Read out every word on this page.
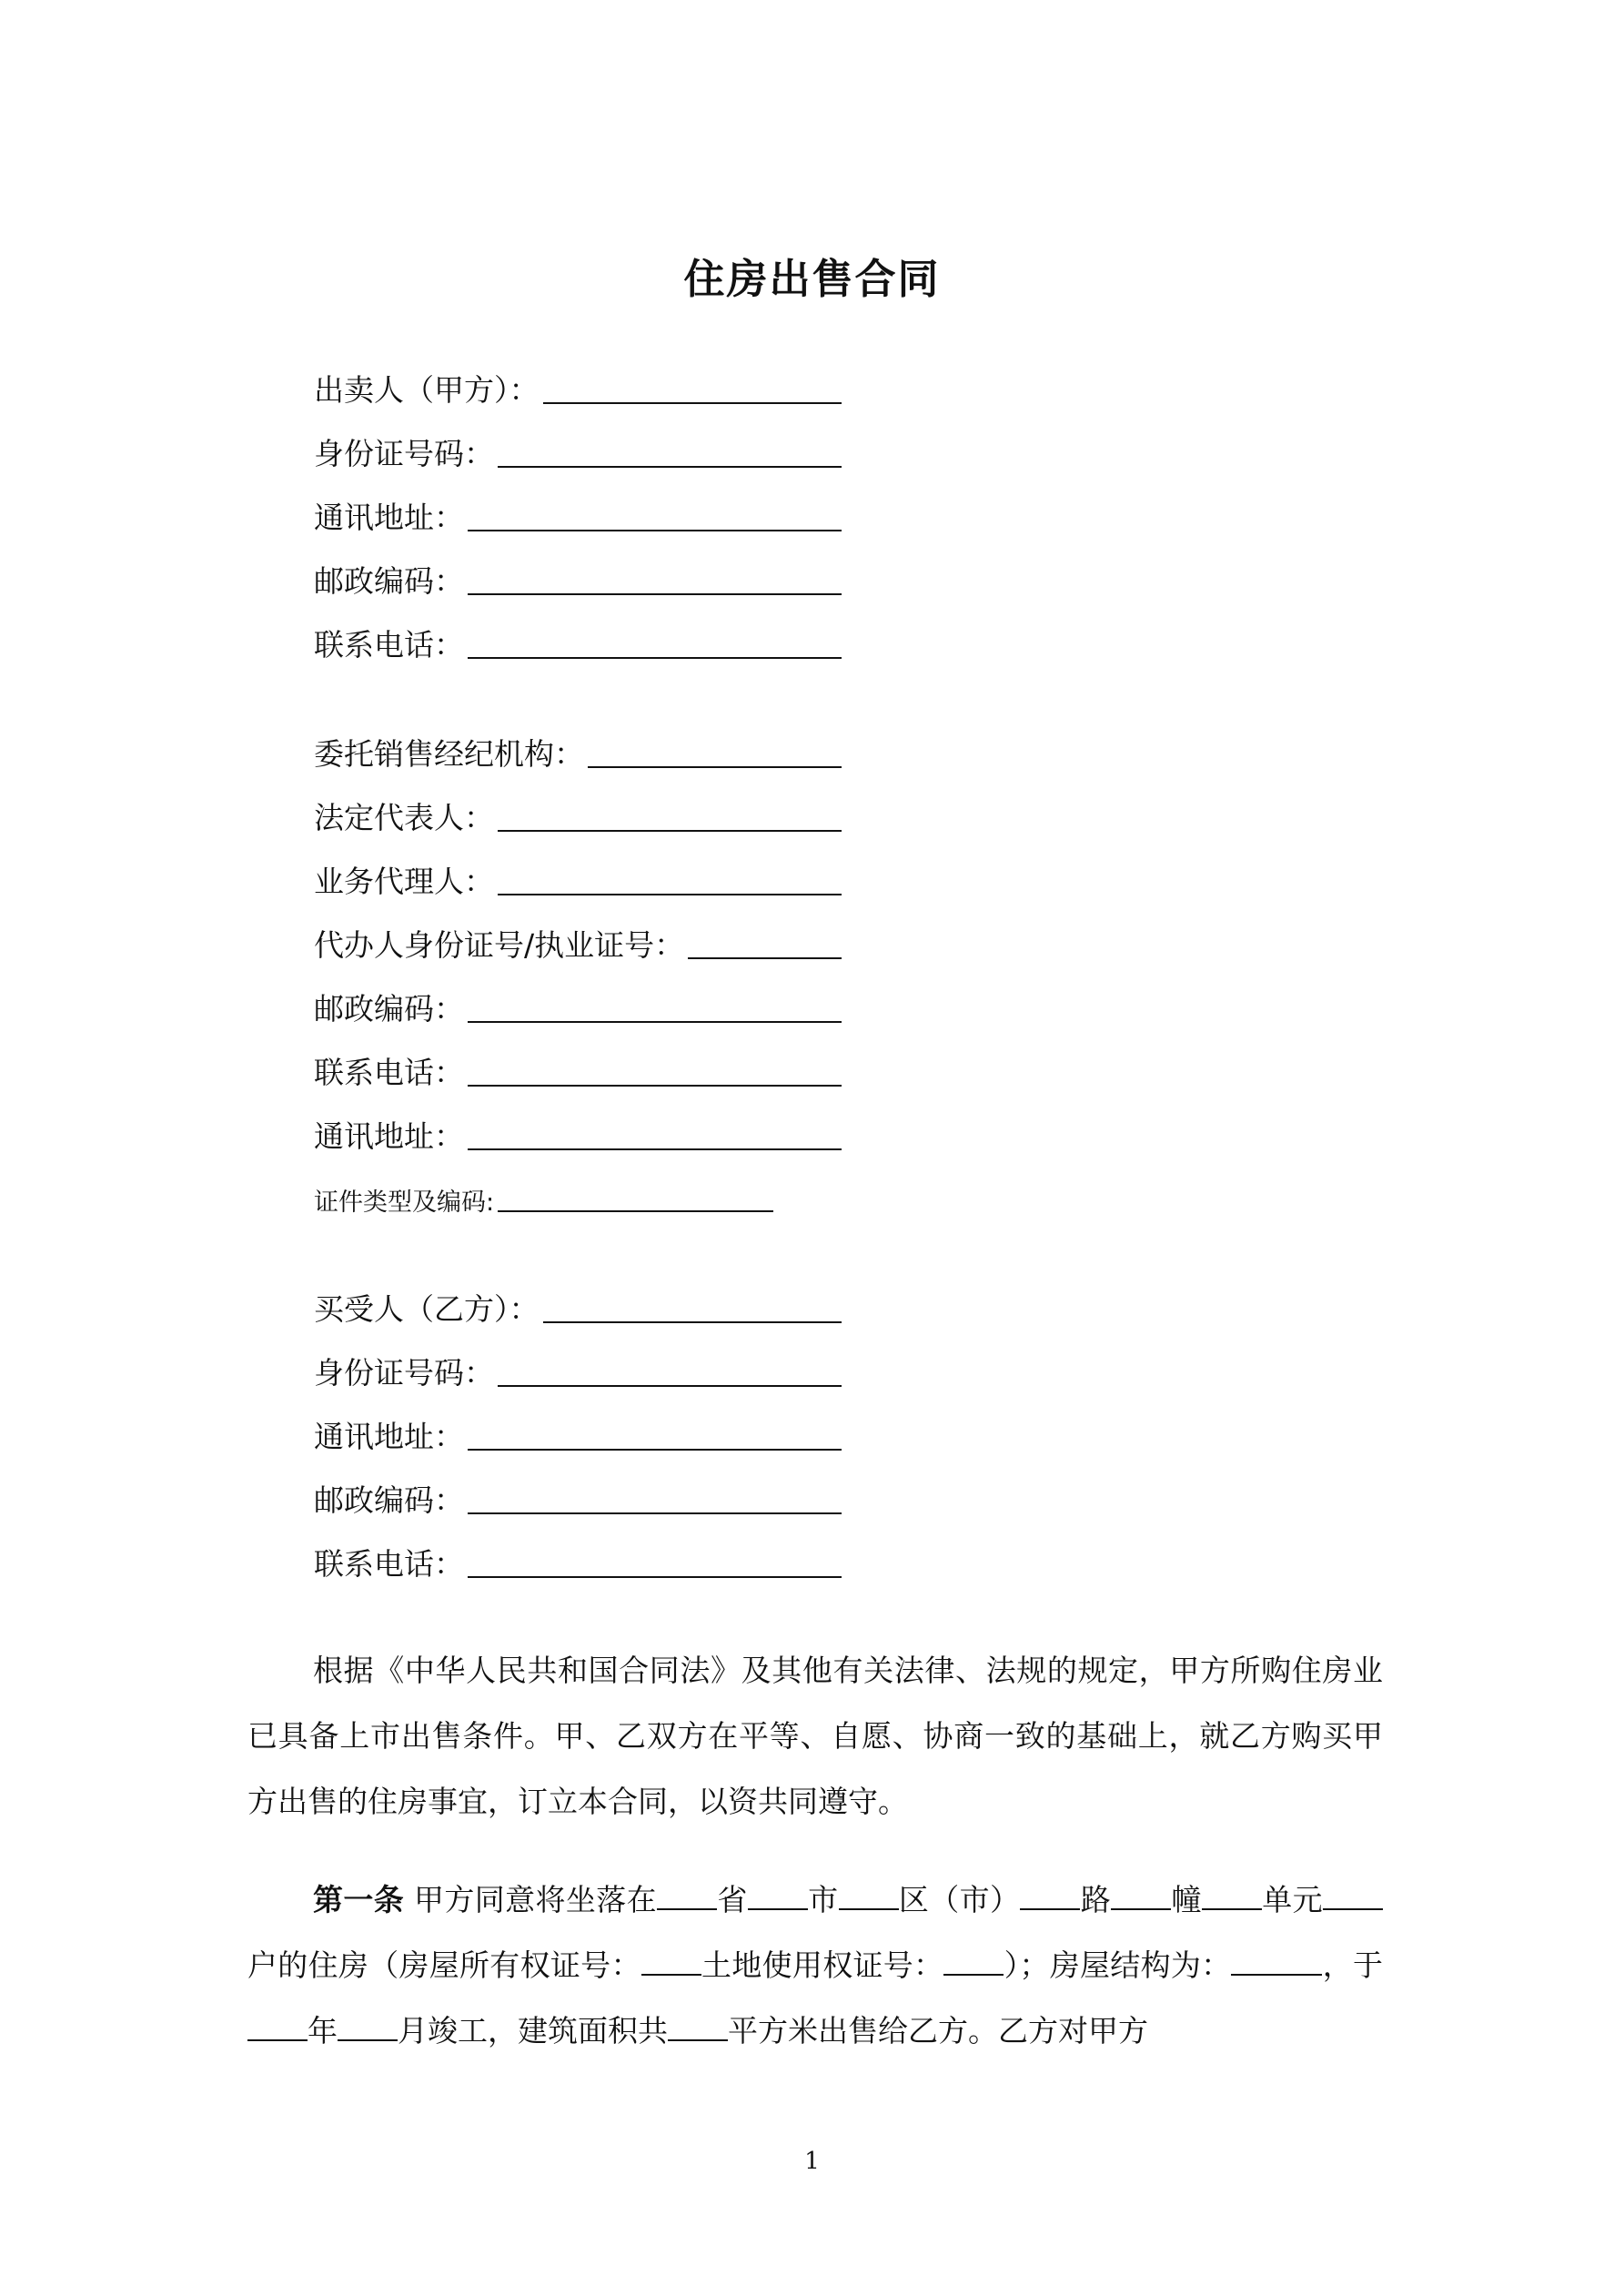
住房出售合同
出卖人（甲方）：
身份证号码：
通讯地址：
邮政编码：
联系电话：
委托销售经纪机构：
法定代表人：
业务代理人：
代办人身份证号/执业证号：
邮政编码：
联系电话：
通讯地址：
证件类型及编码:
买受人（乙方）：
身份证号码：
通讯地址：
邮政编码：
联系电话：

根据《中华人民共和国合同法》及其他有关法律、法规的规定，甲方所购住房业已具备上市出售条件。甲、乙双方在平等、自愿、协商一致的基础上，就乙方购买甲方出售的住房事宜，订立本合同，以资共同遵守。

第一条 甲方同意将坐落在 省 市 区（市） 路 幢 单元户的住房（房屋所有权证号： 土地使用权证号： ）；房屋结构为：	，于年 月竣工，建筑面积共 平方米出售给乙方。乙方对甲方

1
